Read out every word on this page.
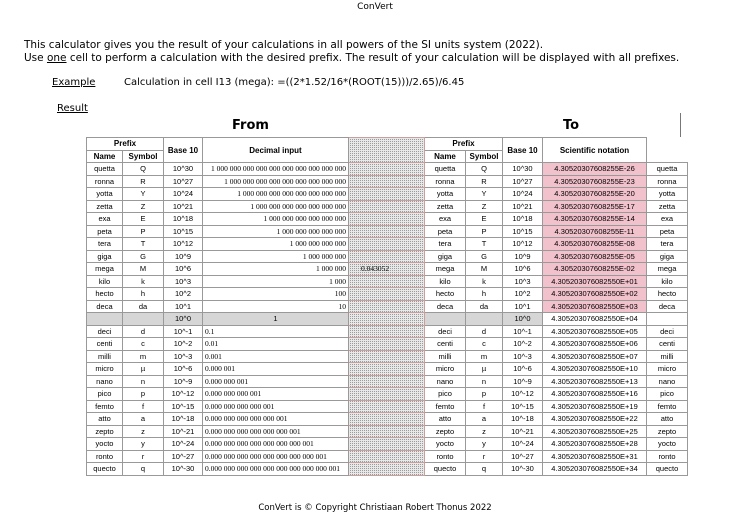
ConVert
This calculator gives you the result of your calculations in all powers of the SI units system (2022).
Use one cell to perform a calculation with the desired prefix. The result of your calculation will be displayed with all prefixes.
Example	Calculation in cell I13 (mega): =((2*1.52/16*(ROOT(15)))/2.65)/6.45
Result
From	To
Prefix		Base 10	Decimal input		Prefix		Base 10	Scientific notation	
Name	Symbol				Name	Symbol			
quetta	Q	10^30	1 000 000 000 000 000 000 000 000 000 000		quetta	Q	10^30	4.30520307608255E-26	quetta
ronna	R	10^27	1 000 000 000 000 000 000 000 000 000		ronna	R	10^27	4.30520307608255E-23	ronna
yotta	Y	10^24	1 000 000 000 000 000 000 000 000		yotta	Y	10^24	4.30520307608255E-20	yotta
zetta	Z	10^21	1 000 000 000 000 000 000 000		zetta	Z	10^21	4.30520307608255E-17	zetta
exa	E	10^18	1 000 000 000 000 000 000		exa	E	10^18	4.30520307608255E-14	exa
peta	P	10^15	1 000 000 000 000 000		peta	P	10^15	4.30520307608255E-11	peta
tera	T	10^12	1 000 000 000 000		tera	T	10^12	4.30520307608255E-08	tera
giga	G	10^9	1 000 000 000		giga	G	10^9	4.30520307608255E-05	giga
mega	M	10^6	1 000 000	0.043052	mega	M	10^6	4.30520307608255E-02	mega
kilo	k	10^3	1 000		kilo	k	10^3	4.305203076082550E+01	kilo
hecto	h	10^2	100		hecto	h	10^2	4.305203076082550E+02	hecto
deca	da	10^1	10		deca	da	10^1	4.305203076082550E+03	deca
		10^0	1				10^0	4.305203076082550E+04	
deci	d	10^-1	0.1		deci	d	10^-1	4.305203076082550E+05	deci
centi	c	10^-2	0.01		centi	c	10^-2	4.305203076082550E+06	centi
milli	m	10^-3	0.001		milli	m	10^-3	4.305203076082550E+07	milli
micro	µ	10^-6	0.000 001		micro	µ	10^-6	4.305203076082550E+10	micro
nano	n	10^-9	0.000 000 001		nano	n	10^-9	4.305203076082550E+13	nano
pico	p	10^-12	0.000 000 000 001		pico	p	10^-12	4.305203076082550E+16	pico
femto	f	10^-15	0.000 000 000 000 001		femto	f	10^-15	4.305203076082550E+19	femto
atto	a	10^-18	0.000 000 000 000 000 001		atto	a	10^-18	4.305203076082550E+22	atto
zepto	z	10^-21	0.000 000 000 000 000 000 001		zepto	z	10^-21	4.305203076082550E+25	zepto
yocto	y	10^-24	0.000 000 000 000 000 000 000 001		yocto	y	10^-24	4.305203076082550E+28	yocto
ronto	r	10^-27	0.000 000 000 000 000 000 000 000 001		ronto	r	10^-27	4.305203076082550E+31	ronto
quecto	q	10^-30	0.000 000 000 000 000 000 000 000 000 001		quecto	q	10^-30	4.305203076082550E+34	quecto
ConVert is © Copyright Christiaan Robert Thonus 2022
